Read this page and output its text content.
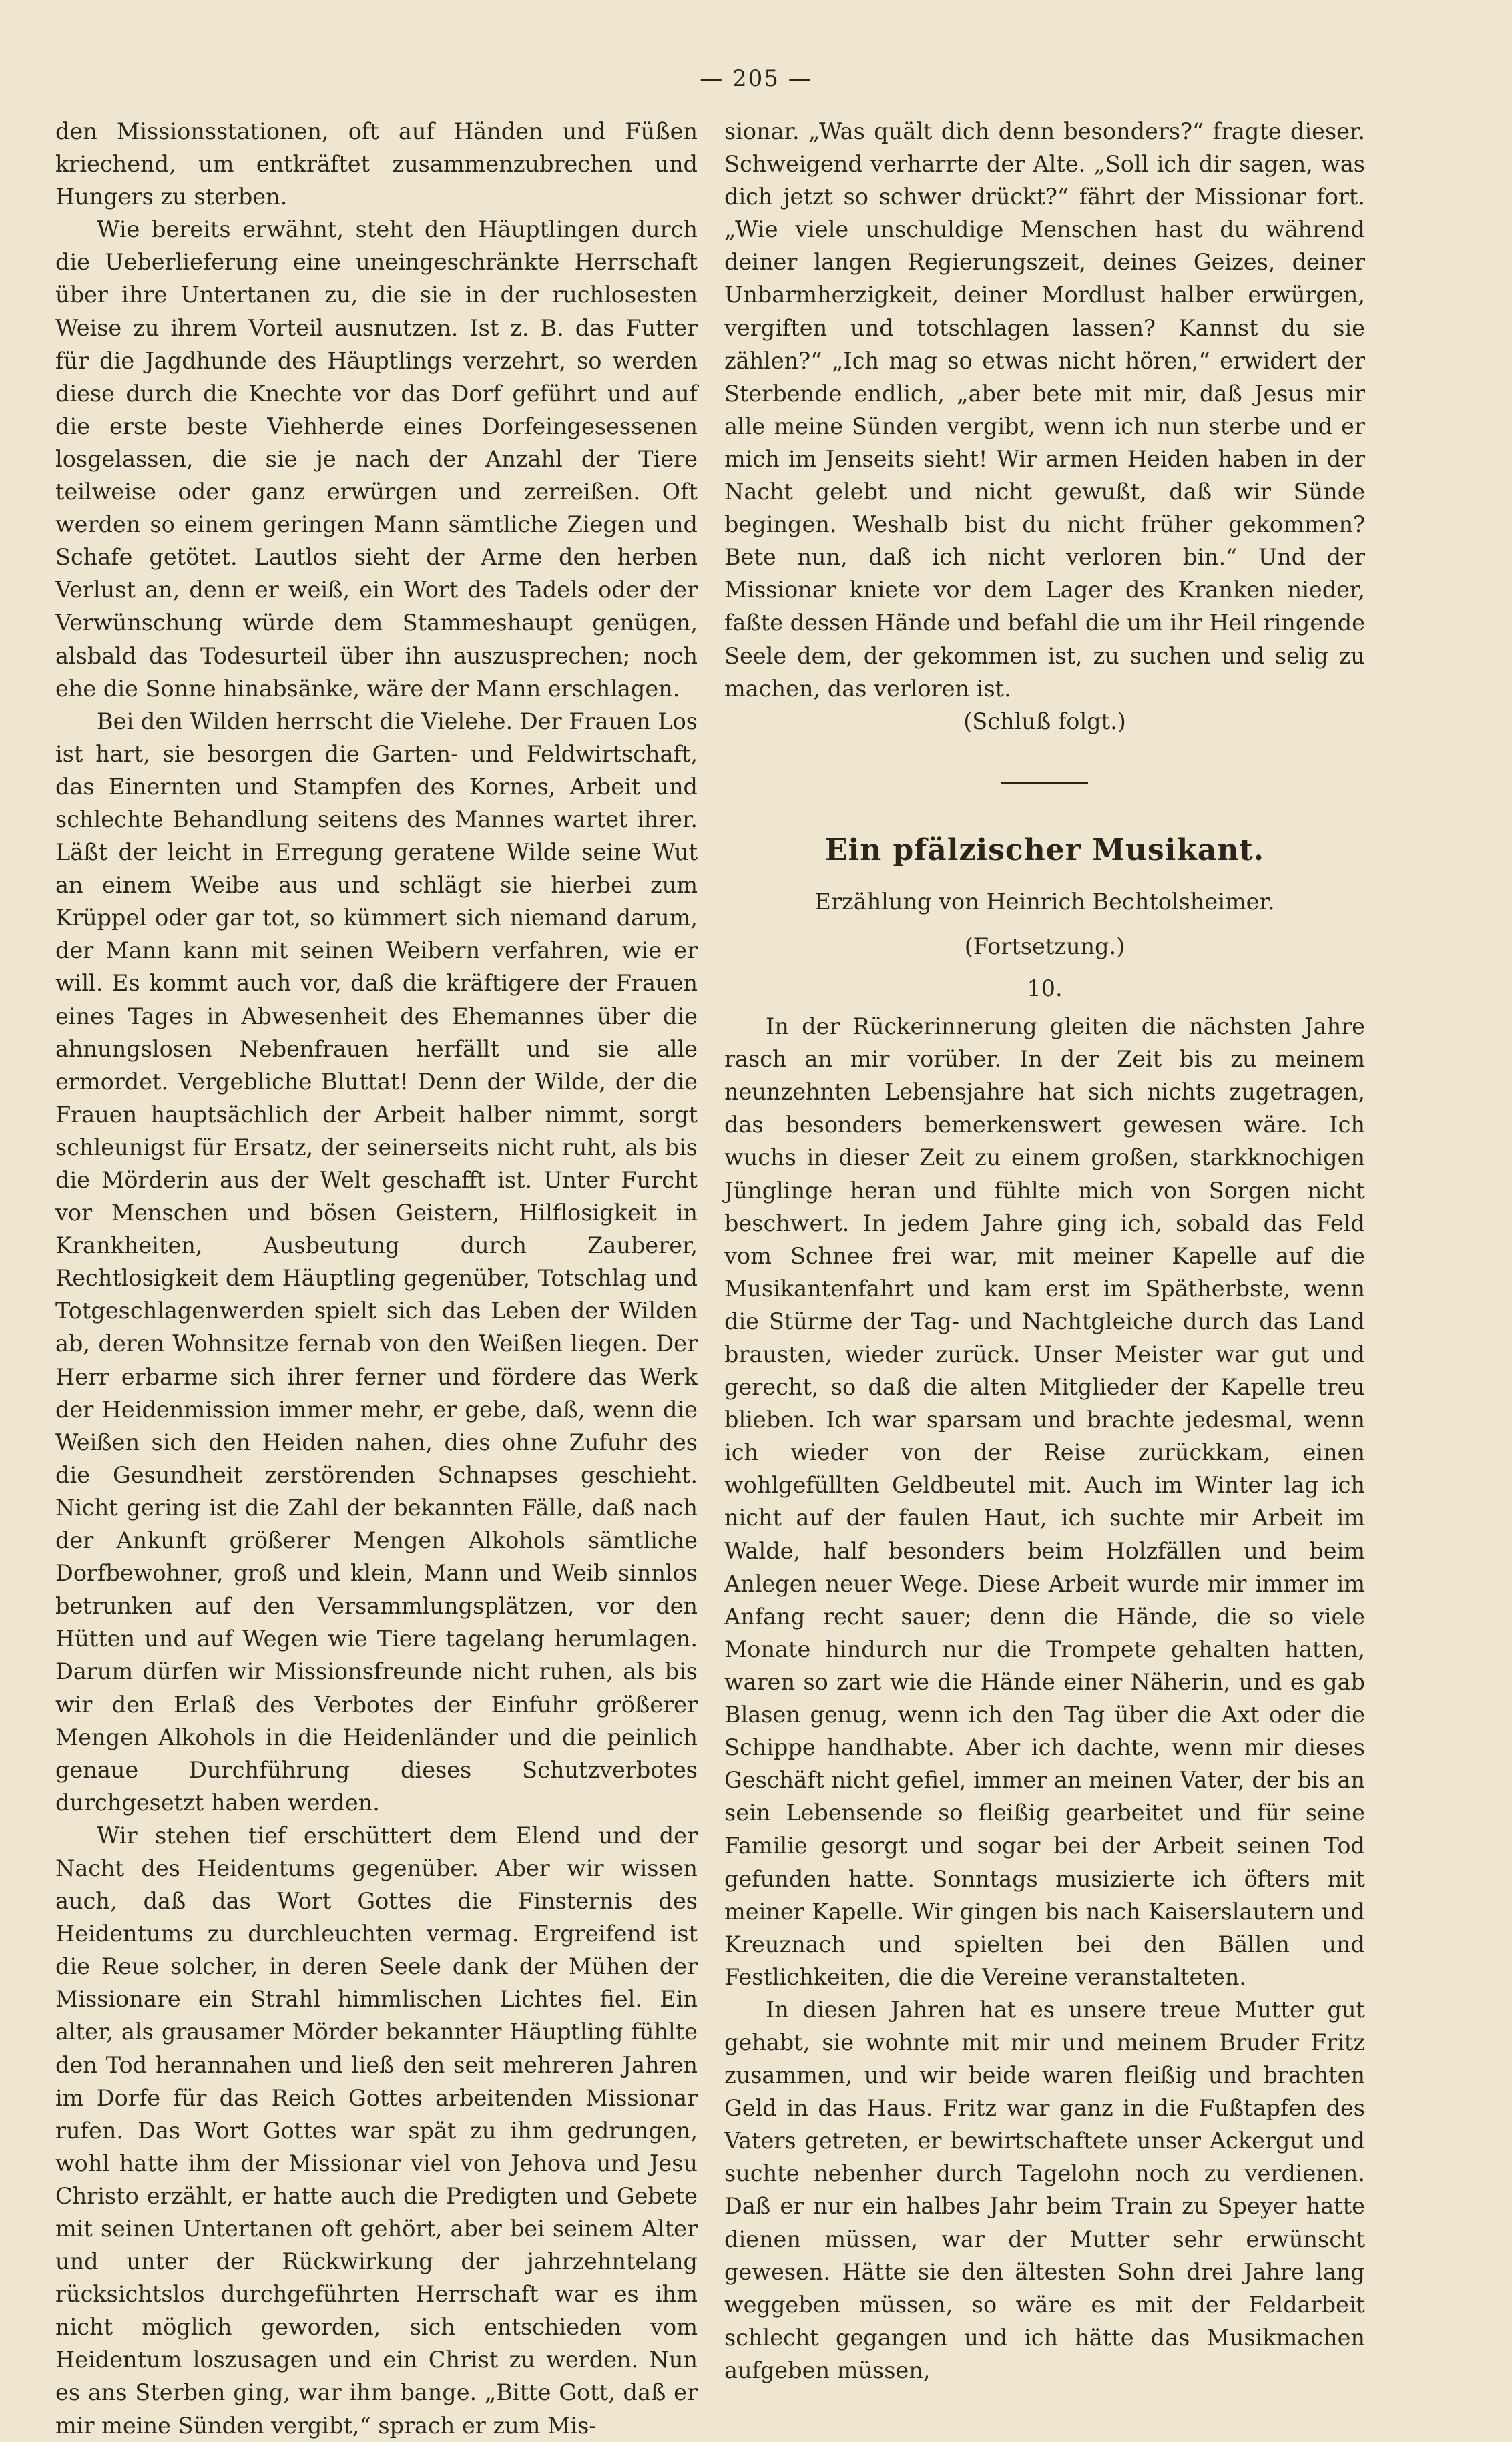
— 205 —

den Missionsstationen, oft auf Händen und Füßen kriechend, um entkräftet zusammenzubrechen und Hungers zu sterben.

Wie bereits erwähnt, steht den Häuptlingen durch die Ueberlieferung eine uneingeschränkte Herrschaft über ihre Untertanen zu, die sie in der ruchlosesten Weise zu ihrem Vorteil ausnutzen. Ist z. B. das Futter für die Jagdhunde des Häuptlings verzehrt, so werden diese durch die Knechte vor das Dorf geführt und auf die erste beste Viehherde eines Dorfeingesessenen losgelassen, die sie je nach der Anzahl der Tiere teilweise oder ganz erwürgen und zerreißen. Oft werden so einem geringen Mann sämtliche Ziegen und Schafe getötet. Lautlos sieht der Arme den herben Verlust an, denn er weiß, ein Wort des Tadels oder der Verwünschung würde dem Stammeshaupt genügen, alsbald das Todesurteil über ihn auszusprechen; noch ehe die Sonne hinabsänke, wäre der Mann erschlagen.

Bei den Wilden herrscht die Vielehe. Der Frauen Los ist hart, sie besorgen die Garten- und Feldwirtschaft, das Einernten und Stampfen des Kornes, Arbeit und schlechte Behandlung seitens des Mannes wartet ihrer. Läßt der leicht in Erregung geratene Wilde seine Wut an einem Weibe aus und schlägt sie hierbei zum Krüppel oder gar tot, so kümmert sich niemand darum, der Mann kann mit seinen Weibern verfahren, wie er will. Es kommt auch vor, daß die kräftigere der Frauen eines Tages in Abwesenheit des Ehemannes über die ahnungslosen Nebenfrauen herfällt und sie alle ermordet. Vergebliche Bluttat! Denn der Wilde, der die Frauen hauptsächlich der Arbeit halber nimmt, sorgt schleunigst für Ersatz, der seinerseits nicht ruht, als bis die Mörderin aus der Welt geschafft ist. Unter Furcht vor Menschen und bösen Geistern, Hilflosigkeit in Krankheiten, Ausbeutung durch Zauberer, Rechtlosigkeit dem Häuptling gegenüber, Totschlag und Totgeschlagenwerden spielt sich das Leben der Wilden ab, deren Wohnsitze fernab von den Weißen liegen. Der Herr erbarme sich ihrer ferner und fördere das Werk der Heidenmission immer mehr, er gebe, daß, wenn die Weißen sich den Heiden nahen, dies ohne Zufuhr des die Gesundheit zerstörenden Schnapses geschieht. Nicht gering ist die Zahl der bekannten Fälle, daß nach der Ankunft größerer Mengen Alkohols sämtliche Dorfbewohner, groß und klein, Mann und Weib sinnlos betrunken auf den Versammlungsplätzen, vor den Hütten und auf Wegen wie Tiere tagelang herumlagen. Darum dürfen wir Missionsfreunde nicht ruhen, als bis wir den Erlaß des Verbotes der Einfuhr größerer Mengen Alkohols in die Heidenländer und die peinlich genaue Durchführung dieses Schutzverbotes durchgesetzt haben werden.

Wir stehen tief erschüttert dem Elend und der Nacht des Heidentums gegenüber. Aber wir wissen auch, daß das Wort Gottes die Finsternis des Heidentums zu durchleuchten vermag. Ergreifend ist die Reue solcher, in deren Seele dank der Mühen der Missionare ein Strahl himmlischen Lichtes fiel. Ein alter, als grausamer Mörder bekannter Häuptling fühlte den Tod herannahen und ließ den seit mehreren Jahren im Dorfe für das Reich Gottes arbeitenden Missionar rufen. Das Wort Gottes war spät zu ihm gedrungen, wohl hatte ihm der Missionar viel von Jehova und Jesu Christo erzählt, er hatte auch die Predigten und Gebete mit seinen Untertanen oft gehört, aber bei seinem Alter und unter der Rückwirkung der jahrzehntelang rücksichtslos durchgeführten Herrschaft war es ihm nicht möglich geworden, sich entschieden vom Heidentum loszusagen und ein Christ zu werden. Nun es ans Sterben ging, war ihm bange. „Bitte Gott, daß er mir meine Sünden vergibt,“ sprach er zum Mis-

sionar. „Was quält dich denn besonders?“ fragte dieser. Schweigend verharrte der Alte. „Soll ich dir sagen, was dich jetzt so schwer drückt?“ fährt der Missionar fort. „Wie viele unschuldige Menschen hast du während deiner langen Regierungszeit, deines Geizes, deiner Unbarmherzigkeit, deiner Mordlust halber erwürgen, vergiften und totschlagen lassen? Kannst du sie zählen?“ „Ich mag so etwas nicht hören,“ erwidert der Sterbende endlich, „aber bete mit mir, daß Jesus mir alle meine Sünden vergibt, wenn ich nun sterbe und er mich im Jenseits sieht! Wir armen Heiden haben in der Nacht gelebt und nicht gewußt, daß wir Sünde begingen. Weshalb bist du nicht früher gekommen? Bete nun, daß ich nicht verloren bin.“ Und der Missionar kniete vor dem Lager des Kranken nieder, faßte dessen Hände und befahl die um ihr Heil ringende Seele dem, der gekommen ist, zu suchen und selig zu machen, das verloren ist.

(Schluß folgt.)

Ein pfälzischer Musikant.
Erzählung von Heinrich Bechtolsheimer.
(Fortsetzung.)
10.

In der Rückerinnerung gleiten die nächsten Jahre rasch an mir vorüber. In der Zeit bis zu meinem neunzehnten Lebensjahre hat sich nichts zugetragen, das besonders bemerkenswert gewesen wäre. Ich wuchs in dieser Zeit zu einem großen, starkknochigen Jünglinge heran und fühlte mich von Sorgen nicht beschwert. In jedem Jahre ging ich, sobald das Feld vom Schnee frei war, mit meiner Kapelle auf die Musikantenfahrt und kam erst im Spätherbste, wenn die Stürme der Tag- und Nachtgleiche durch das Land brausten, wieder zurück. Unser Meister war gut und gerecht, so daß die alten Mitglieder der Kapelle treu blieben. Ich war sparsam und brachte jedesmal, wenn ich wieder von der Reise zurückkam, einen wohlgefüllten Geldbeutel mit. Auch im Winter lag ich nicht auf der faulen Haut, ich suchte mir Arbeit im Walde, half besonders beim Holzfällen und beim Anlegen neuer Wege. Diese Arbeit wurde mir immer im Anfang recht sauer; denn die Hände, die so viele Monate hindurch nur die Trompete gehalten hatten, waren so zart wie die Hände einer Näherin, und es gab Blasen genug, wenn ich den Tag über die Axt oder die Schippe handhabte. Aber ich dachte, wenn mir dieses Geschäft nicht gefiel, immer an meinen Vater, der bis an sein Lebensende so fleißig gearbeitet und für seine Familie gesorgt und sogar bei der Arbeit seinen Tod gefunden hatte. Sonntags musizierte ich öfters mit meiner Kapelle. Wir gingen bis nach Kaiserslautern und Kreuznach und spielten bei den Bällen und Festlichkeiten, die die Vereine veranstalteten.

In diesen Jahren hat es unsere treue Mutter gut gehabt, sie wohnte mit mir und meinem Bruder Fritz zusammen, und wir beide waren fleißig und brachten Geld in das Haus. Fritz war ganz in die Fußtapfen des Vaters getreten, er bewirtschaftete unser Ackergut und suchte nebenher durch Tagelohn noch zu verdienen. Daß er nur ein halbes Jahr beim Train zu Speyer hatte dienen müssen, war der Mutter sehr erwünscht gewesen. Hätte sie den ältesten Sohn drei Jahre lang weggeben müssen, so wäre es mit der Feldarbeit schlecht gegangen und ich hätte das Musikmachen aufgeben müssen,
